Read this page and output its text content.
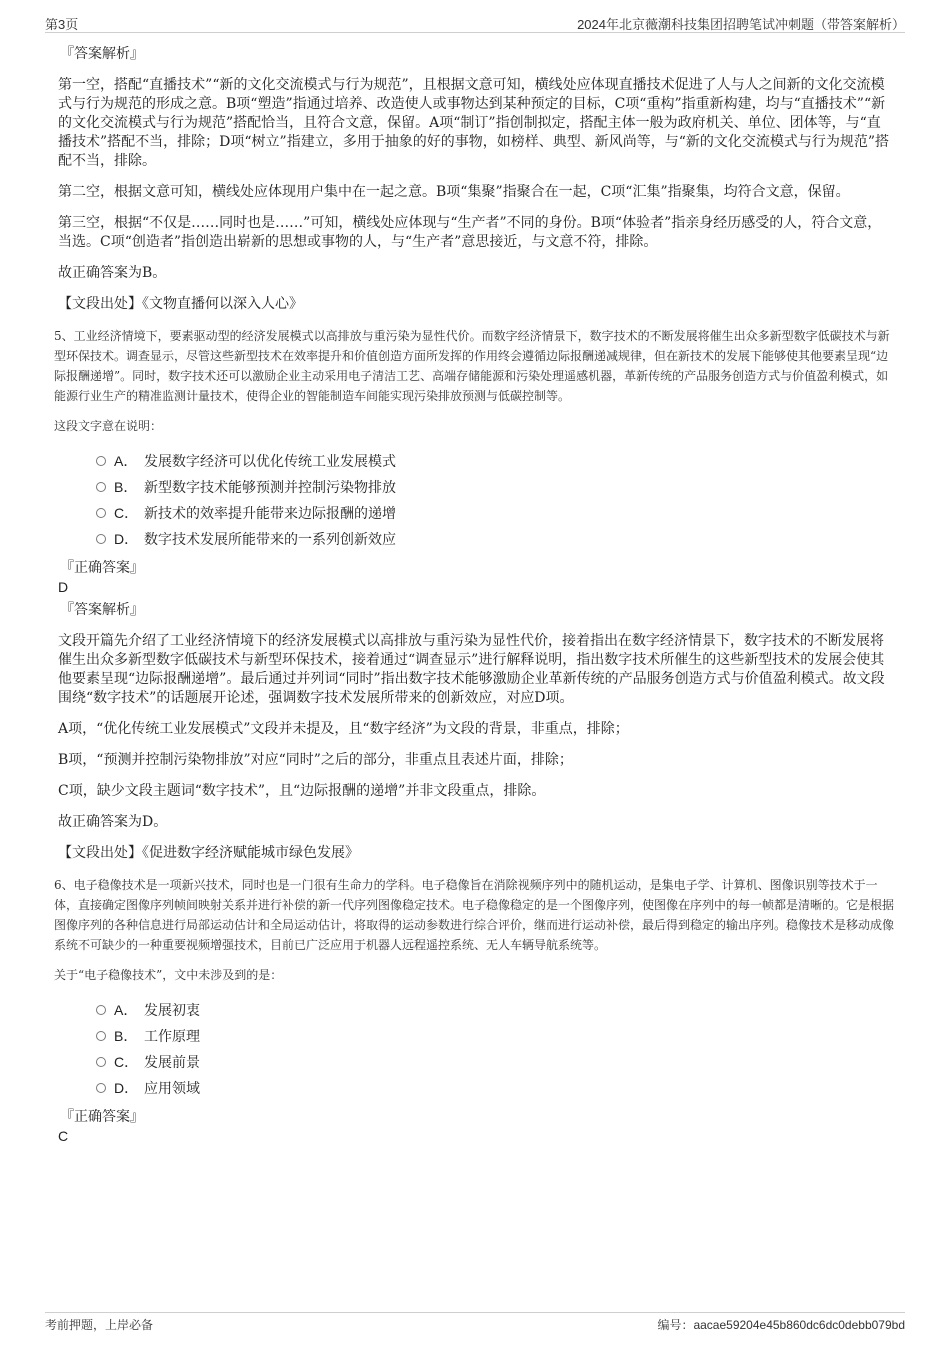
第3页	2024年北京薇潮科技集团招聘笔试冲刺题（带答案解析）
『答案解析』

第一空，搭配“直播技术”“新的文化交流模式与行为规范”，且根据文意可知，横线处应体现直播技术促进了人与人之间新的文化交流模式与行为规范的形成之意。B项“塑造”指通过培养、改造使人或事物达到某种预定的目标，C项“重构”指重新构建，均与“直播技术”“新的文化交流模式与行为规范”搭配恰当，且符合文意，保留。A项“制订”指创制拟定，搭配主体一般为政府机关、单位、团体等，与“直播技术”搭配不当，排除；D项“树立”指建立，多用于抽象的好的事物，如榜样、典型、新风尚等，与“新的文化交流模式与行为规范”搭配不当，排除。

第二空，根据文意可知，横线处应体现用户集中在一起之意。B项“集聚”指聚合在一起，C项“汇集”指聚集，均符合文意，保留。

第三空，根据“不仅是……同时也是……”可知，横线处应体现与“生产者”不同的身份。B项“体验者”指亲身经历感受的人，符合文意，当选。C项“创造者”指创造出崭新的思想或事物的人，与“生产者”意思接近，与文意不符，排除。

故正确答案为B。

【文段出处】《文物直播何以深入人心》

5、工业经济情境下，要素驱动型的经济发展模式以高排放与重污染为显性代价。而数字经济情景下，数字技术的不断发展将催生出众多新型数字低碳技术与新型环保技术。调查显示，尽管这些新型技术在效率提升和价值创造方面所发挥的作用终会遵循边际报酬递减规律，但在新技术的发展下能够使其他要素呈现“边际报酬递增”。同时，数字技术还可以激励企业主动采用电子清洁工艺、高端存储能源和污染处理遥感机器，革新传统的产品服务创造方式与价值盈利模式，如能源行业生产的精准监测计量技术，使得企业的智能制造车间能实现污染排放预测与低碳控制等。

这段文字意在说明：

A． 发展数字经济可以优化传统工业发展模式
B． 新型数字技术能够预测并控制污染物排放
C． 新技术的效率提升能带来边际报酬的递增
D． 数字技术发展所能带来的一系列创新效应
『正确答案』
D
『答案解析』

文段开篇先介绍了工业经济情境下的经济发展模式以高排放与重污染为显性代价，接着指出在数字经济情景下，数字技术的不断发展将催生出众多新型数字低碳技术与新型环保技术，接着通过“调查显示”进行解释说明，指出数字技术所催生的这些新型技术的发展会使其他要素呈现“边际报酬递增”。最后通过并列词“同时”指出数字技术能够激励企业革新传统的产品服务创造方式与价值盈利模式。故文段围绕“数字技术”的话题展开论述，强调数字技术发展所带来的创新效应，对应D项。

A项，“优化传统工业发展模式”文段并未提及，且“数字经济”为文段的背景，非重点，排除；

B项，“预测并控制污染物排放”对应“同时”之后的部分，非重点且表述片面，排除；

C项，缺少文段主题词“数字技术”，且“边际报酬的递增”并非文段重点，排除。

故正确答案为D。

【文段出处】《促进数字经济赋能城市绿色发展》

6、电子稳像技术是一项新兴技术，同时也是一门很有生命力的学科。电子稳像旨在消除视频序列中的随机运动，是集电子学、计算机、图像识别等技术于一体，直接确定图像序列帧间映射关系并进行补偿的新一代序列图像稳定技术。电子稳像稳定的是一个图像序列，使图像在序列中的每一帧都是清晰的。它是根据图像序列的各种信息进行局部运动估计和全局运动估计，将取得的运动参数进行综合评价，继而进行运动补偿，最后得到稳定的输出序列。稳像技术是移动成像系统不可缺少的一种重要视频增强技术，目前已广泛应用于机器人远程遥控系统、无人车辆导航系统等。

关于“电子稳像技术”，文中未涉及到的是：

A． 发展初衷
B． 工作原理
C． 发展前景
D． 应用领域
『正确答案』
C
考前押题，上岸必备	编号：aacae59204e45b860dc6dc0debb079bd
